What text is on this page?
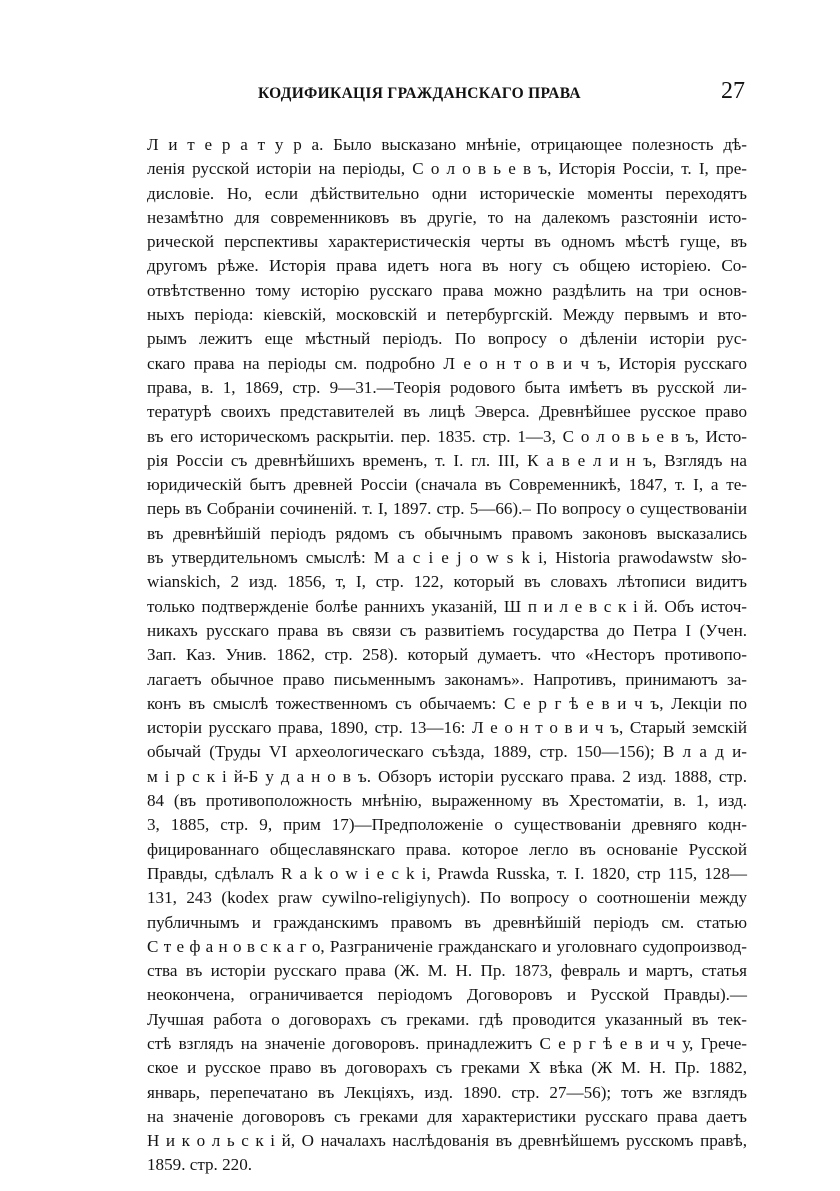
КОДИФИКАЦІЯ ГРАЖДАНСКАГО ПРАВА	27
Л и т е р а т у р а. Было высказано мнѣніе, отрицающее полезность дѣ-
ленія русской исторіи на періоды, С о л о в ь е в ъ, Исторія Россіи, т. I, пре-
дисловіе. Но, если дѣйствительно одни историческіе моменты переходятъ
незамѣтно для современниковъ въ другіе, то на далекомъ разстояніи исто-
рической перспективы характеристическія черты въ одномъ мѣстѣ гуще, въ
другомъ рѣже. Исторія права идетъ нога въ ногу съ общею исторіею. Со-
отвѣтственно тому исторію русскаго права можно раздѣлить на три основ-
ныхъ періода: кіевскій, московскій и петербургскій. Между первымъ и вто-
рымъ лежитъ еще мѣстный періодъ. По вопросу о дѣленіи исторіи рус-
скаго права на періоды см. подробно Л е о н т о в и ч ъ, Исторія русскаго
права, в. 1, 1869, стр. 9—31.—Теорія родового быта имѣетъ въ русской ли-
тературѣ своихъ представителей въ лицѣ Эверса. Древнѣйшее русское право
въ его историческомъ раскрытіи. пер. 1835. стр. 1—3, С о л о в ь е в ъ, Исто-
рія Россіи съ древнѣйшихъ временъ, т. I. гл. III, К а в е л и н ъ, Взглядъ на
юридическій бытъ древней Россіи (сначала въ Современникѣ, 1847, т. I, а те-
перь въ Собраніи сочиненій. т. I, 1897. стр. 5—66).– По вопросу о существованіи
въ древнѣйшій періодъ рядомъ съ обычнымъ правомъ законовъ высказались
въ утвердительномъ смыслѣ: M a c i e j o w s k i, Historia prawodawstw sło-
wianskich, 2 изд. 1856, т, I, стр. 122, который въ словахъ лѣтописи видитъ
только подтвержденіе болѣе раннихъ указаній, Ш п и л е в с к і й. Объ источ-
никахъ русскаго права въ связи съ развитіемъ государства до Петра I (Учен.
Зап. Каз. Унив. 1862, стр. 258). который думаетъ. что «Несторъ противопо-
лагаетъ обычное право письменнымъ законамъ». Напротивъ, принимаютъ за-
конъ въ смыслѣ тожественномъ съ обычаемъ: С е р г ѣ е в и ч ъ, Лекціи по
исторіи русскаго права, 1890, стр. 13—16: Л е о н т о в и ч ъ, Старый земскій
обычай (Труды VI археологическаго съѣзда, 1889, стр. 150—156); В л а д и-
м і р с к і й-Б у д а н о в ъ. Обзоръ исторіи русскаго права. 2 изд. 1888, стр.
84 (въ противоположность мнѣнію, выраженному въ Хрестоматіи, в. 1, изд.
3, 1885, стр. 9, прим 17)—Предположеніе о существованіи древняго кодн-
фицированнаго общеславянскаго права. которое легло въ основаніе Русской
Правды, сдѣлалъ R a k o w i e c k i, Prawda Russka, т. I. 1820, стр 115, 128—
131, 243 (kodex praw cywilno-religiynych). По вопросу о соотношеніи между
публичнымъ и гражданскимъ правомъ въ древнѣйшій періодъ см. статью
С т е ф а н о в с к а г о, Разграниченіе гражданскаго и уголовнаго судопроизвод-
ства въ исторіи русскаго права (Ж. М. Н. Пр. 1873, февраль и мартъ, статья
неокончена, ограничивается періодомъ Договоровъ и Русской Правды).—
Лучшая работа о договорахъ съ греками. гдѣ проводится указанный въ тек-
стѣ взглядъ на значеніе договоровъ. принадлежитъ С е р г ѣ е в и ч у, Грече-
ское и русское право въ договорахъ съ греками X вѣка (Ж М. Н. Пр. 1882,
январь, перепечатано въ Лекціяхъ, изд. 1890. стр. 27—56); тотъ же взглядъ
на значеніе договоровъ съ греками для характеристики русскаго права даетъ
Н и к о л ь с к і й, О началахъ наслѣдованія въ древнѣйшемъ русскомъ правѣ,
1859. стр. 220.
